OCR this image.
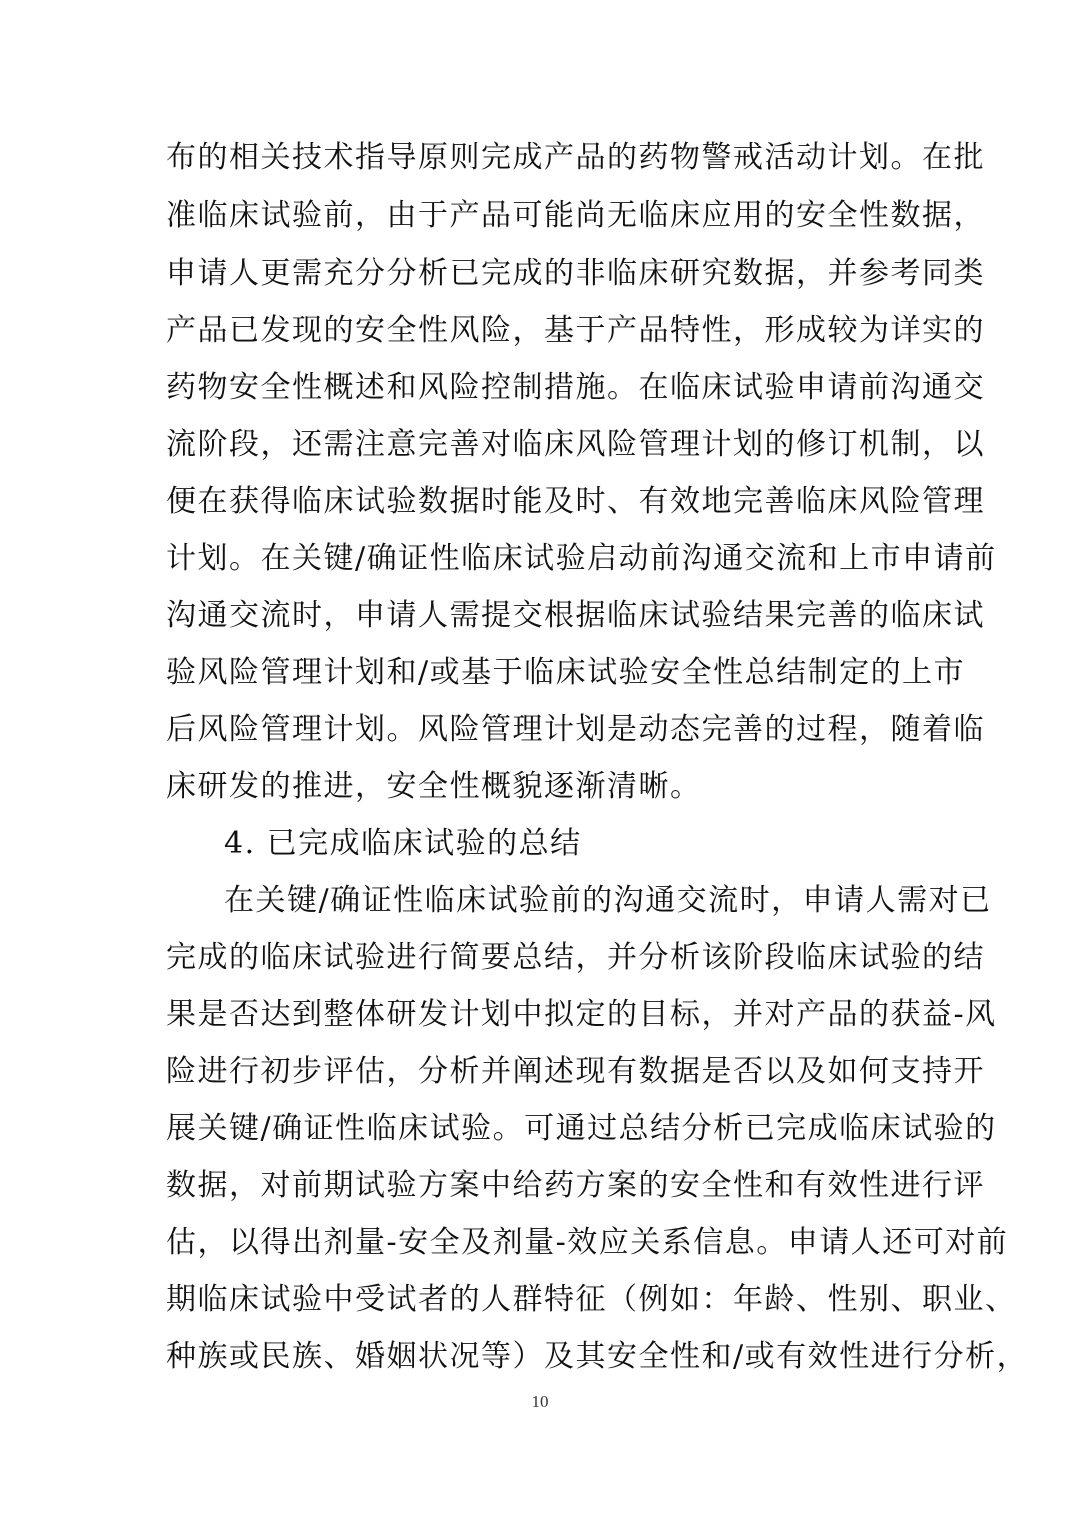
布的相关技术指导原则完成产品的药物警戒活动计划。在批
准临床试验前，由于产品可能尚无临床应用的安全性数据，
申请人更需充分分析已完成的非临床研究数据，并参考同类
产品已发现的安全性风险，基于产品特性，形成较为详实的
药物安全性概述和风险控制措施。在临床试验申请前沟通交
流阶段，还需注意完善对临床风险管理计划的修订机制，以
便在获得临床试验数据时能及时、有效地完善临床风险管理
计划。在关键/确证性临床试验启动前沟通交流和上市申请前
沟通交流时，申请人需提交根据临床试验结果完善的临床试
验风险管理计划和/或基于临床试验安全性总结制定的上市
后风险管理计划。风险管理计划是动态完善的过程，随着临
床研发的推进，安全性概貌逐渐清晰。
4. 已完成临床试验的总结
在关键/确证性临床试验前的沟通交流时，申请人需对已
完成的临床试验进行简要总结，并分析该阶段临床试验的结
果是否达到整体研发计划中拟定的目标，并对产品的获益-风
险进行初步评估，分析并阐述现有数据是否以及如何支持开
展关键/确证性临床试验。可通过总结分析已完成临床试验的
数据，对前期试验方案中给药方案的安全性和有效性进行评
估，以得出剂量-安全及剂量-效应关系信息。申请人还可对前
期临床试验中受试者的人群特征（例如：年龄、性别、职业、
种族或民族、婚姻状况等）及其安全性和/或有效性进行分析，
10
